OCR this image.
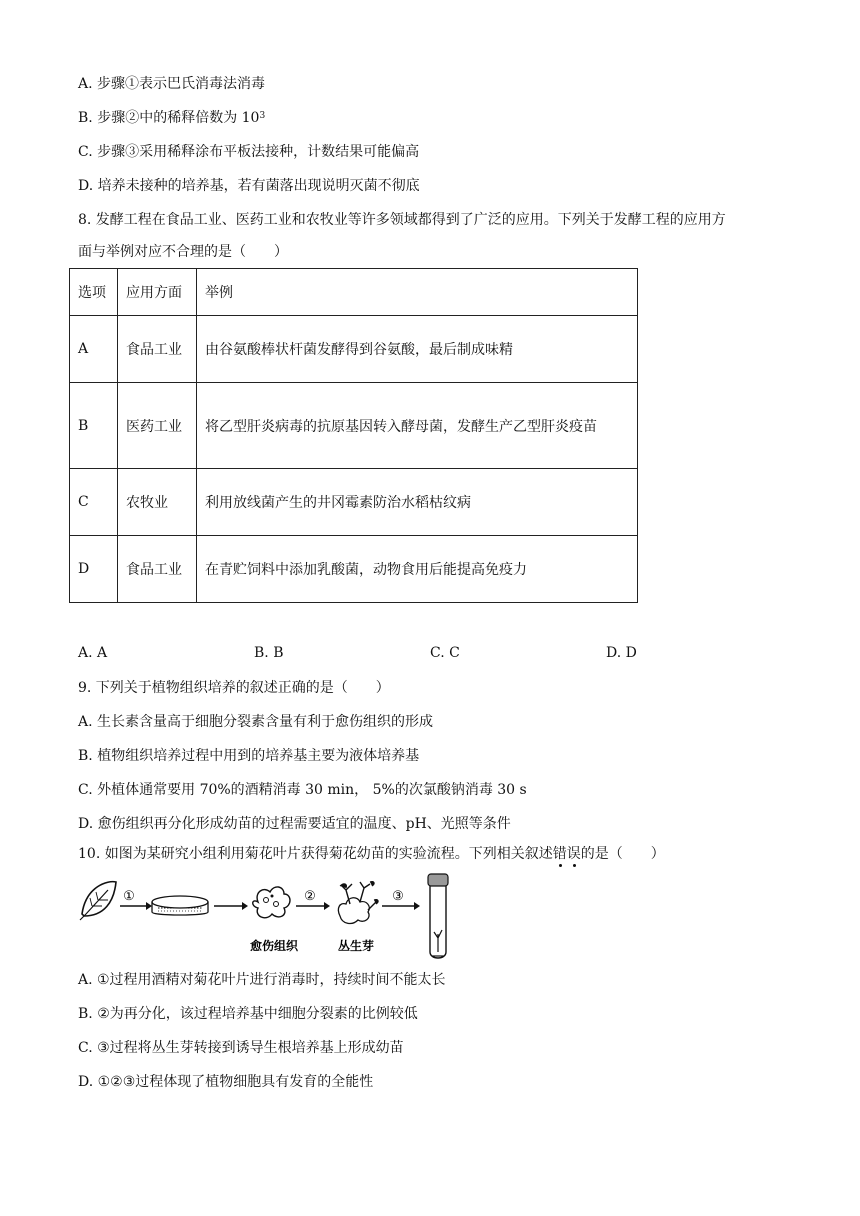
A. 步骤①表示巴氏消毒法消毒
B. 步骤②中的稀释倍数为 $10^3$
C. 步骤③采用稀释涂布平板法接种，计数结果可能偏高
D. 培养未接种的培养基，若有菌落出现说明灭菌不彻底
8. 发酵工程在食品工业、医药工业和农牧业等许多领域都得到了广泛的应用。下列关于发酵工程的应用方
面与举例对应不合理的是（　　）
选项	应用方面	举例
A	食品工业	由谷氨酸棒状杆菌发酵得到谷氨酸，最后制成味精
B	医药工业	将乙型肝炎病毒的抗原基因转入酵母菌，发酵生产乙型肝炎疫苗
C	农牧业	利用放线菌产生的井冈霉素防治水稻枯纹病
D	食品工业	在青贮饲料中添加乳酸菌，动物食用后能提高免疫力
A. A	B. B	C. C	D. D
9. 下列关于植物组织培养的叙述正确的是（　　）
A. 生长素含量高于细胞分裂素含量有利于愈伤组织的形成
B. 植物组织培养过程中用到的培养基主要为液体培养基
C. 外植体通常要用 70%的酒精消毒 30 min， 5%的次氯酸钠消毒 30 s
D. 愈伤组织再分化形成幼苗的过程需要适宜的温度、pH、光照等条件
10. 如图为某研究小组利用菊花叶片获得菊花幼苗的实验流程。下列相关叙述错误的是（　　）
①
愈伤组织
②
丛生芽
③
A. ①过程用酒精对菊花叶片进行消毒时，持续时间不能太长
B. ②为再分化，该过程培养基中细胞分裂素的比例较低
C. ③过程将丛生芽转接到诱导生根培养基上形成幼苗
D. ①②③过程体现了植物细胞具有发育的全能性
